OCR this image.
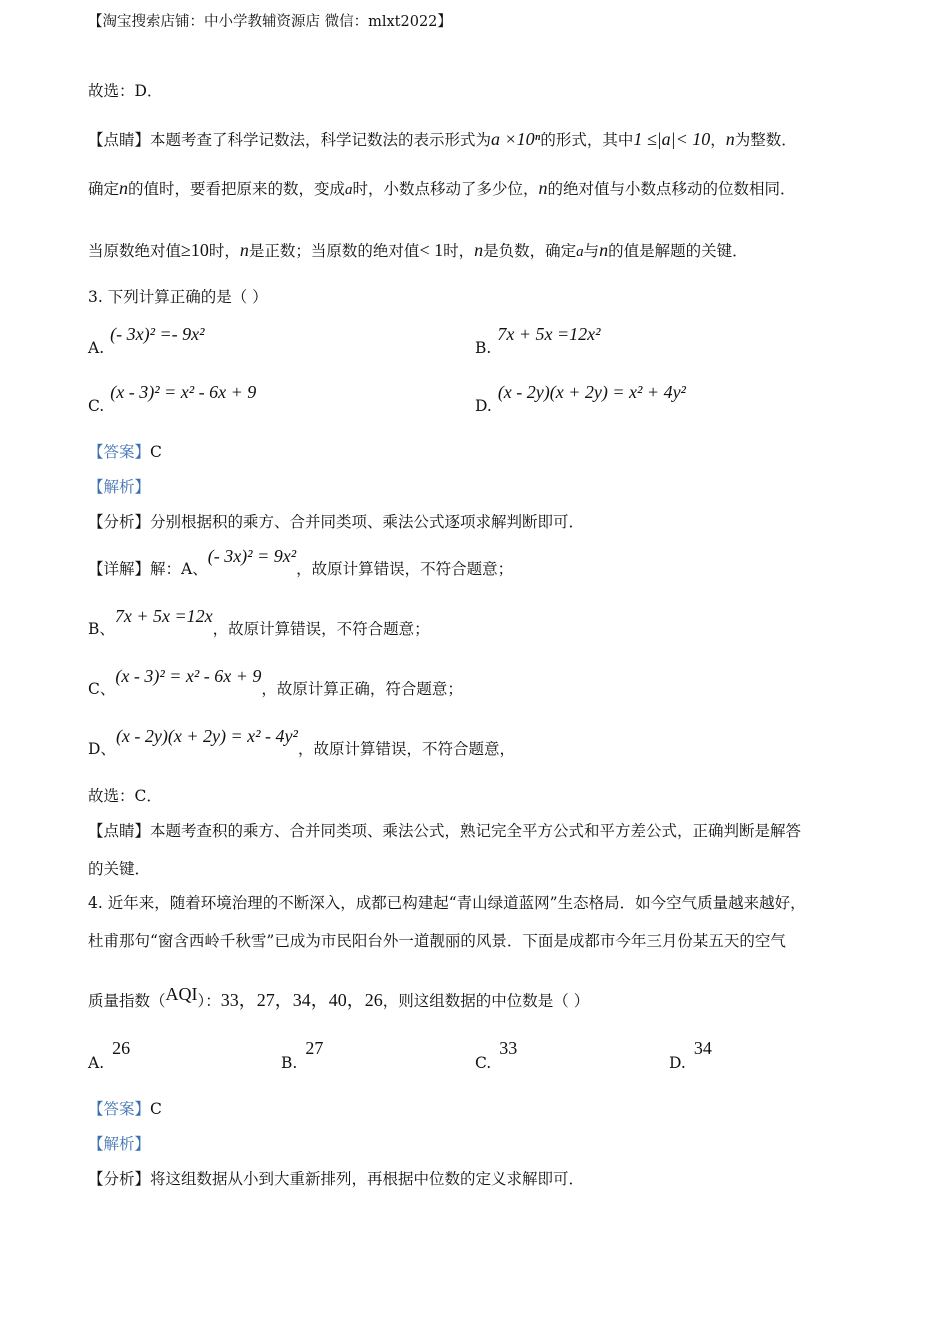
【淘宝搜索店铺：中小学教辅资源店 微信：mlxt2022】
故选：D．
【点睛】本题考查了科学记数法，科学记数法的表示形式为a ×10ⁿ的形式，其中1 ≤|a|< 10，n为整数．
确定n的值时，要看把原来的数，变成a时，小数点移动了多少位，n的绝对值与小数点移动的位数相同．
当原数绝对值≥10时，n是正数；当原数的绝对值< 1时，n是负数，确定a与n的值是解题的关键．
3. 下列计算正确的是（ ）
A.(- 3x)² =- 9x²
B.7x + 5x =12x²
C.(x - 3)² = x² - 6x + 9
D.(x - 2y)(x + 2y) = x² + 4y²
【答案】C
【解析】
【分析】分别根据积的乘方、合并同类项、乘法公式逐项求解判断即可．
【详解】解：A、(- 3x)² = 9x²，故原计算错误，不符合题意；
B、7x + 5x =12x，故原计算错误，不符合题意；
C、(x - 3)² = x² - 6x + 9，故原计算正确，符合题意；
D、(x - 2y)(x + 2y) = x² - 4y²，故原计算错误，不符合题意，
故选：C．
【点睛】本题考查积的乘方、合并同类项、乘法公式，熟记完全平方公式和平方差公式，正确判断是解答
的关键．
4. 近年来，随着环境治理的不断深入，成都已构建起“青山绿道蓝网”生态格局．如今空气质量越来越好，
杜甫那句“窗含西岭千秋雪”已成为市民阳台外一道靓丽的风景．下面是成都市今年三月份某五天的空气
质量指数（AQI）：33，27，34，40，26，则这组数据的中位数是（ ）
A.26
B.27
C.33
D.34
【答案】C
【解析】
【分析】将这组数据从小到大重新排列，再根据中位数的定义求解即可．
